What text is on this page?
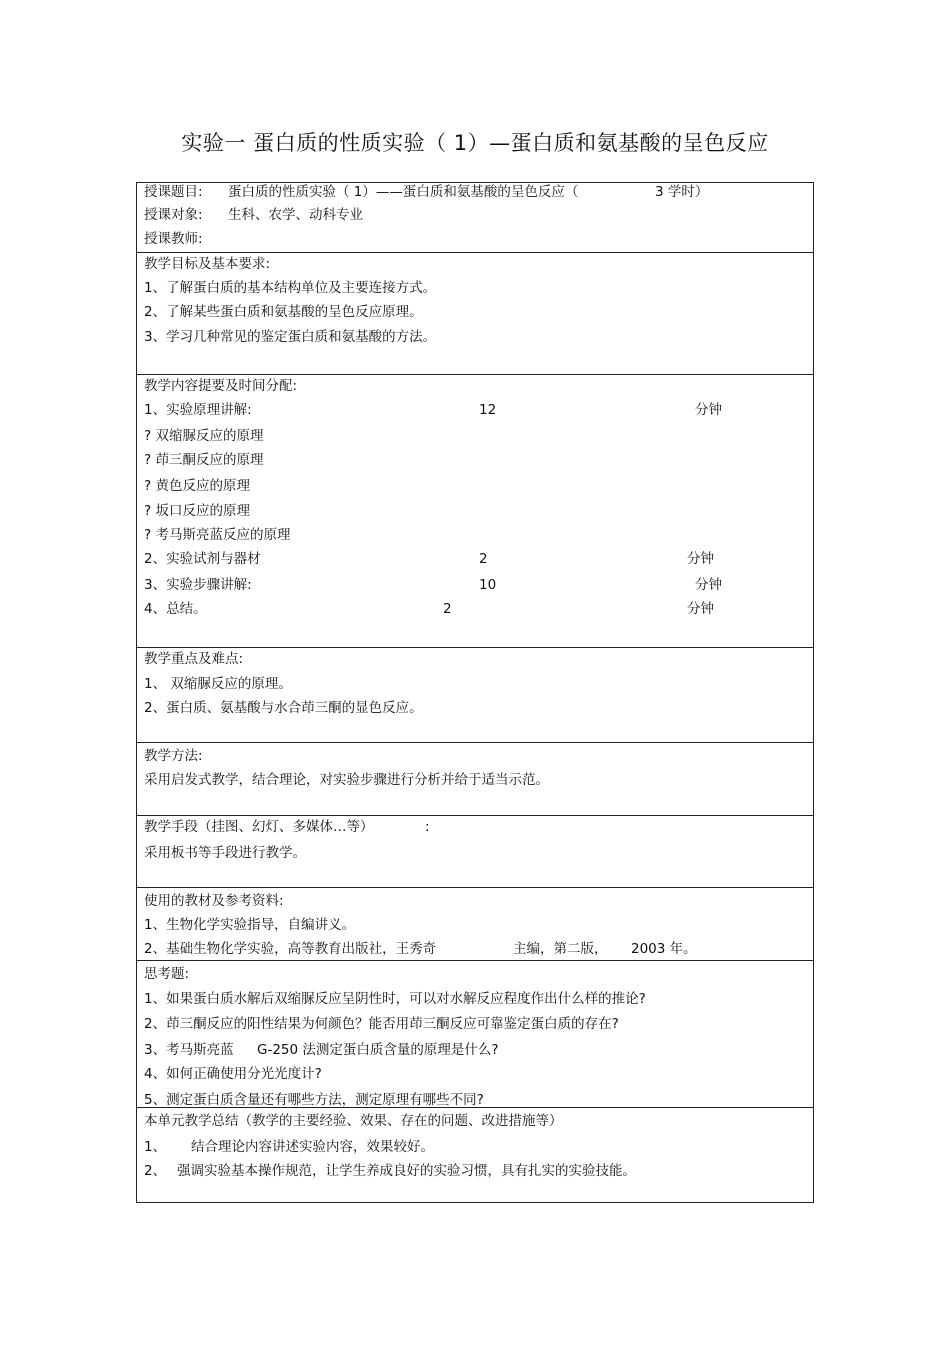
实验一 蛋白质的性质实验（ 1）—蛋白质和氨基酸的呈色反应
授课题目: 蛋白质的性质实验（ 1）——蛋白质和氨基酸的呈色反应（	3 学时）
授课对象: 生科、农学、动科专业
授课教师:

教学目标及基本要求:
1、了解蛋白质的基本结构单位及主要连接方式。
2、了解某些蛋白质和氨基酸的呈色反应原理。
3、学习几种常见的鉴定蛋白质和氨基酸的方法。

教学内容提要及时间分配:
1、实验原理讲解:	12	分钟
? 双缩脲反应的原理
? 茚三酮反应的原理
? 黄色反应的原理
? 坂口反应的原理
? 考马斯亮蓝反应的原理
2、实验试剂与器材	2	分钟
3、实验步骤讲解:	10	分钟
4、总结。	2	分钟

教学重点及难点:
1、 双缩脲反应的原理。
2、蛋白质、氨基酸与水合茚三酮的显色反应。

教学方法:
采用启发式教学，结合理论，对实验步骤进行分析并给于适当示范。

教学手段（挂图、幻灯、多媒体…等）	:
采用板书等手段进行教学。

使用的教材及参考资料:
1、生物化学实验指导，自编讲义。
2、基础生物化学实验，高等教育出版社，王秀奇	主编，第二版， 2003 年。

思考题:
1、如果蛋白质水解后双缩脲反应呈阴性时，可以对水解反应程度作出什么样的推论?
2、茚三酮反应的阳性结果为何颜色？能否用茚三酮反应可靠鉴定蛋白质的存在?
3、考马斯亮蓝 G-250 法测定蛋白质含量的原理是什么?
4、如何正确使用分光光度计?
5、测定蛋白质含量还有哪些方法，测定原理有哪些不同?

本单元教学总结（教学的主要经验、效果、存在的问题、改进措施等）
1、 结合理论内容讲述实验内容，效果较好。
2、 强调实验基本操作规范，让学生养成良好的实验习惯，具有扎实的实验技能。
